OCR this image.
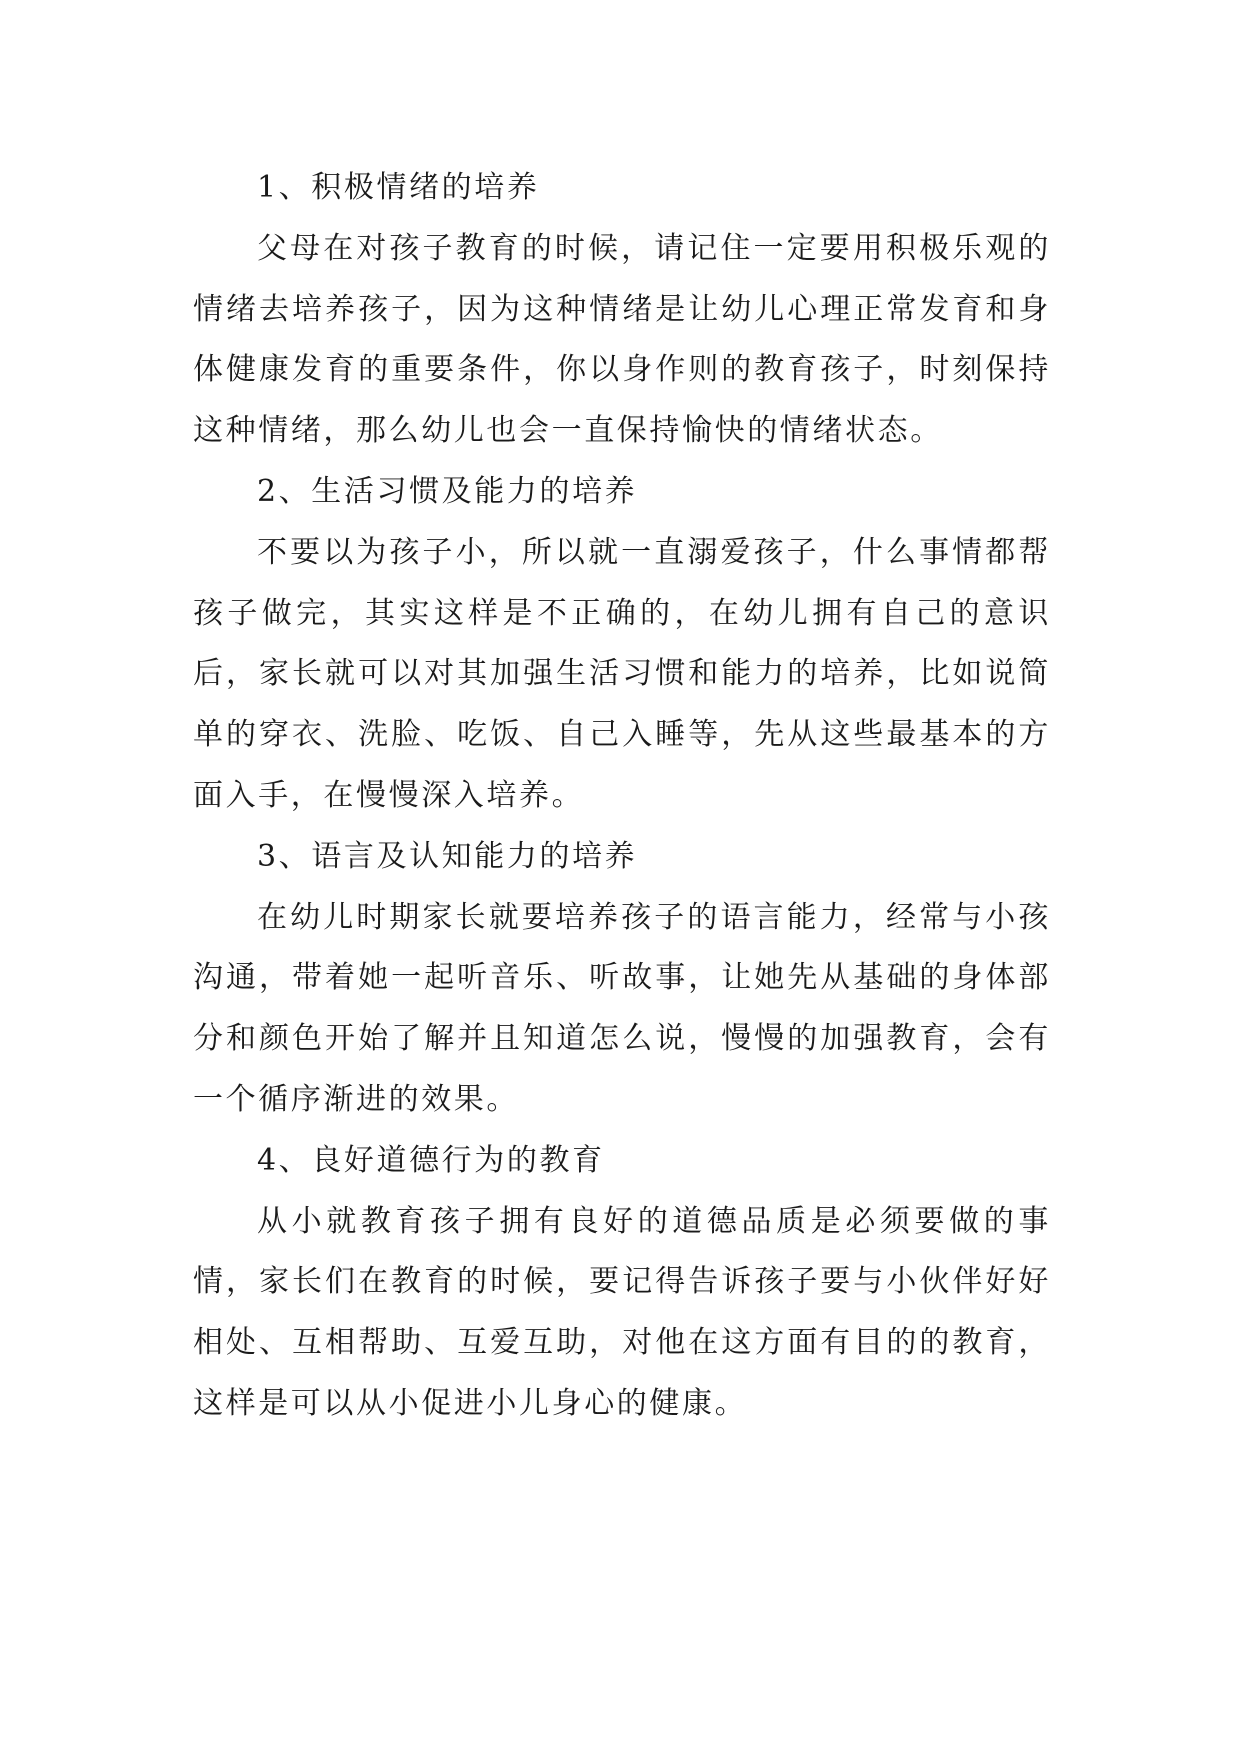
1、积极情绪的培养

父母在对孩子教育的时候，请记住一定要用积极乐观的情绪去培养孩子，因为这种情绪是让幼儿心理正常发育和身体健康发育的重要条件，你以身作则的教育孩子，时刻保持这种情绪，那么幼儿也会一直保持愉快的情绪状态。

2、生活习惯及能力的培养

不要以为孩子小，所以就一直溺爱孩子，什么事情都帮孩子做完，其实这样是不正确的，在幼儿拥有自己的意识后，家长就可以对其加强生活习惯和能力的培养，比如说简单的穿衣、洗脸、吃饭、自己入睡等，先从这些最基本的方面入手，在慢慢深入培养。

3、语言及认知能力的培养

在幼儿时期家长就要培养孩子的语言能力，经常与小孩沟通，带着她一起听音乐、听故事，让她先从基础的身体部分和颜色开始了解并且知道怎么说，慢慢的加强教育，会有一个循序渐进的效果。

4、良好道德行为的教育

从小就教育孩子拥有良好的道德品质是必须要做的事情，家长们在教育的时候，要记得告诉孩子要与小伙伴好好相处、互相帮助、互爱互助，对他在这方面有目的的教育，这样是可以从小促进小儿身心的健康。
